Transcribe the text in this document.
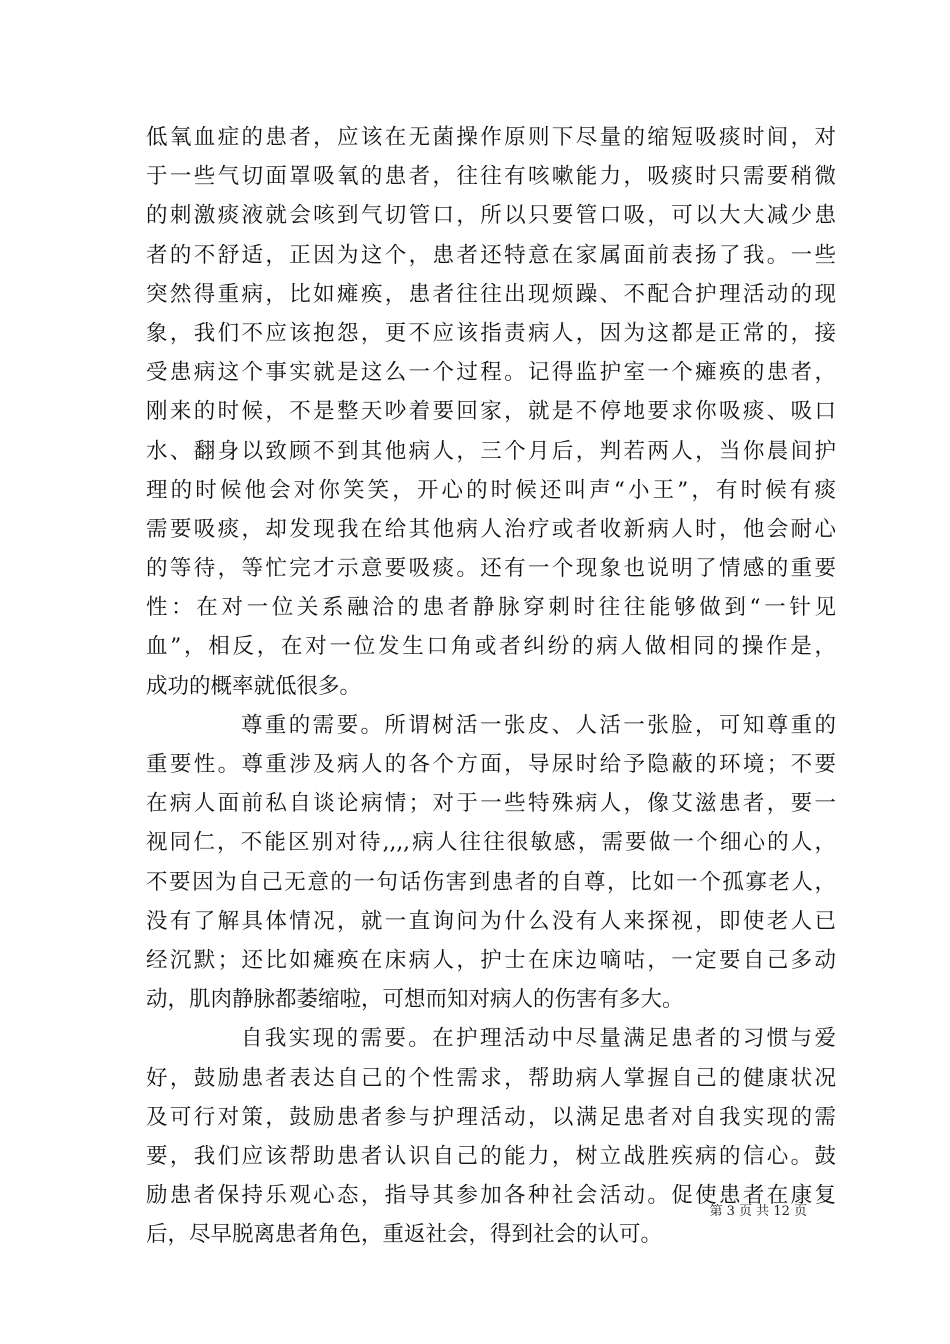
低氧血症的患者，应该在无菌操作原则下尽量的缩短吸痰时间，对
于一些气切面罩吸氧的患者，往往有咳嗽能力，吸痰时只需要稍微
的刺激痰液就会咳到气切管口，所以只要管口吸，可以大大减少患
者的不舒适，正因为这个，患者还特意在家属面前表扬了我。一些
突然得重病，比如瘫痪，患者往往出现烦躁、不配合护理活动的现
象，我们不应该抱怨，更不应该指责病人，因为这都是正常的，接
受患病这个事实就是这么一个过程。记得监护室一个瘫痪的患者，
刚来的时候，不是整天吵着要回家，就是不停地要求你吸痰、吸口
水、翻身以致顾不到其他病人，三个月后，判若两人，当你晨间护
理的时候他会对你笑笑，开心的时候还叫声“小王”，有时候有痰
需要吸痰，却发现我在给其他病人治疗或者收新病人时，他会耐心
的等待，等忙完才示意要吸痰。还有一个现象也说明了情感的重要
性：在对一位关系融洽的患者静脉穿刺时往往能够做到“一针见
血”，相反，在对一位发生口角或者纠纷的病人做相同的操作是，
成功的概率就低很多。
尊重的需要。所谓树活一张皮、人活一张脸，可知尊重的
重要性。尊重涉及病人的各个方面，导尿时给予隐蔽的环境；不要
在病人面前私自谈论病情；对于一些特殊病人，像艾滋患者，要一
视同仁，不能区别对待,,,,病人往往很敏感，需要做一个细心的人，
不要因为自己无意的一句话伤害到患者的自尊，比如一个孤寡老人，
没有了解具体情况，就一直询问为什么没有人来探视，即使老人已
经沉默；还比如瘫痪在床病人，护士在床边嘀咕，一定要自己多动
动，肌肉静脉都萎缩啦，可想而知对病人的伤害有多大。
自我实现的需要。在护理活动中尽量满足患者的习惯与爱
好，鼓励患者表达自己的个性需求，帮助病人掌握自己的健康状况
及可行对策，鼓励患者参与护理活动，以满足患者对自我实现的需
要，我们应该帮助患者认识自己的能力，树立战胜疾病的信心。鼓
励患者保持乐观心态，指导其参加各种社会活动。促使患者在康复
后，尽早脱离患者角色，重返社会，得到社会的认可。
第 3 页 共 12 页
